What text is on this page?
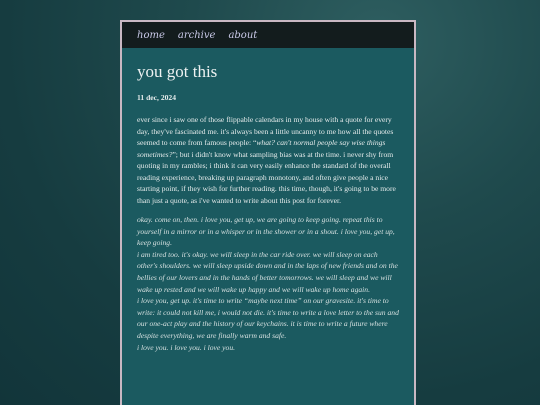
home archive about
you got this
11 dec, 2024
ever since i saw one of those flippable calendars in my house with a quote for every day, they've fascinated me. it's always been a little uncanny to me how all the quotes seemed to come from famous people: “what? can't normal people say wise things sometimes?”; but i didn't know what sampling bias was at the time. i never shy from quoting in my rambles; i think it can very easily enhance the standard of the overall reading experience, breaking up paragraph monotony, and often give people a nice starting point, if they wish for further reading. this time, though, it's going to be more than just a quote, as i've wanted to write about this post for forever.

okay. come on, then. i love you, get up, we are going to keep going. repeat this to yourself in a mirror or in a whisper or in the shower or in a shout. i love you, get up, keep going.

i am tired too. it's okay. we will sleep in the car ride over. we will sleep on each other's shoulders. we will sleep upside down and in the laps of new friends and on the bellies of our lovers and in the hands of better tomorrows. we will sleep and we will wake up rested and we will wake up happy and we will wake up home again.

i love you, get up. it's time to write “maybe next time” on our gravesite. it's time to write: it could not kill me, i would not die. it's time to write a love letter to the sun and our one-act play and the history of our keychains. it is time to write a future where despite everything, we are finally warm and safe.

i love you. i love you. i love you.
